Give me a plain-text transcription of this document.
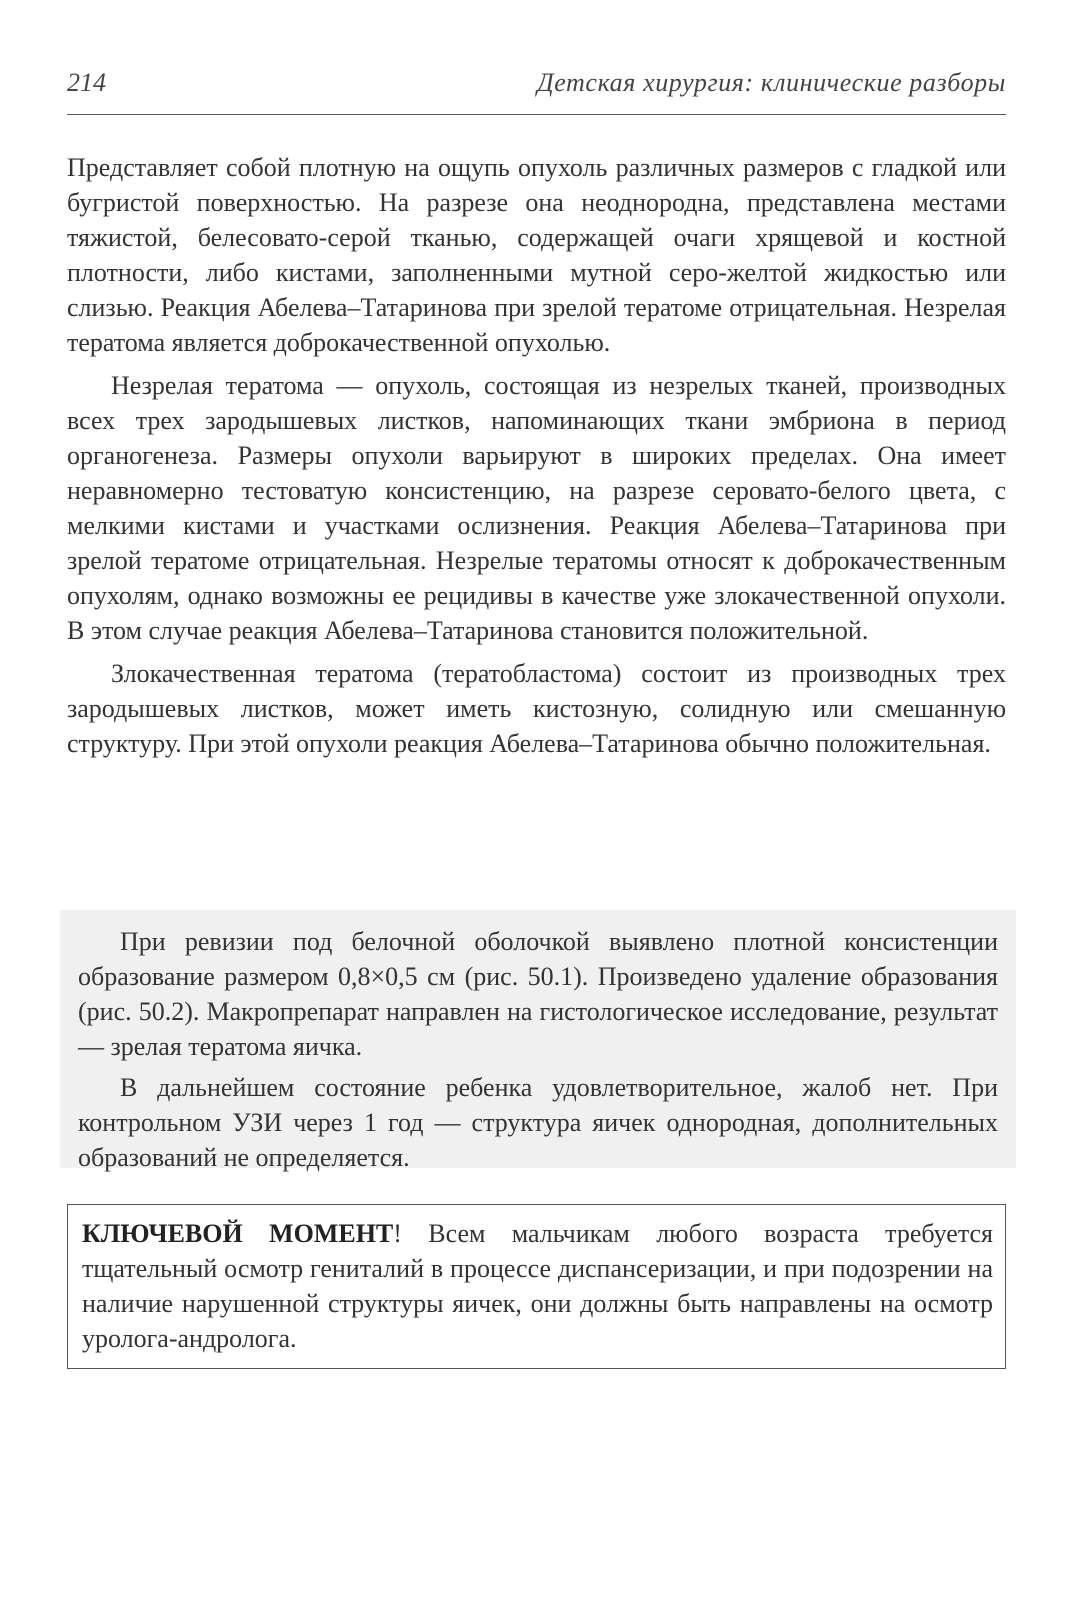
214	Детская хирургия: клинические разборы

Представляет собой плотную на ощупь опухоль различных размеров с гладкой или бугристой поверхностью. На разрезе она неоднородна, представлена местами тяжистой, белесовато-серой тканью, содержащей очаги хрящевой и костной плотности, либо кистами, заполненными мутной серо-желтой жидкостью или слизью. Реакция Абелева–Татаринова при зрелой тератоме отрицательная. Незрелая тератома является доброкачественной опухолью.

Незрелая тератома — опухоль, состоящая из незрелых тканей, производных всех трех зародышевых листков, напоминающих ткани эмбриона в период органогенеза. Размеры опухоли варьируют в широких пределах. Она имеет неравномерно тестоватую консистенцию, на разрезе серовато-белого цвета, с мелкими кистами и участками ослизнения. Реакция Абелева–Татаринова при зрелой тератоме отрицательная. Незрелые тератомы относят к доброкачественным опухолям, однако возможны ее рецидивы в качестве уже злокачественной опухоли. В этом случае реакция Абелева–Татаринова становится положительной.

Злокачественная тератома (тератобластома) состоит из производных трех зародышевых листков, может иметь кистозную, солидную или смешанную структуру. При этой опухоли реакция Абелева–Татаринова обычно положительная.

При ревизии под белочной оболочкой выявлено плотной консистенции образование размером 0,8×0,5 см (рис. 50.1). Произведено удаление образования (рис. 50.2). Макропрепарат направлен на гистологическое исследование, результат — зрелая тератома яичка.

В дальнейшем состояние ребенка удовлетворительное, жалоб нет. При контрольном УЗИ через 1 год — структура яичек однородная, дополнительных образований не определяется.

КЛЮЧЕВОЙ МОМЕНТ! Всем мальчикам любого возраста требуется тщательный осмотр гениталий в процессе диспансеризации, и при подозрении на наличие нарушенной структуры яичек, они должны быть направлены на осмотр уролога-андролога.
